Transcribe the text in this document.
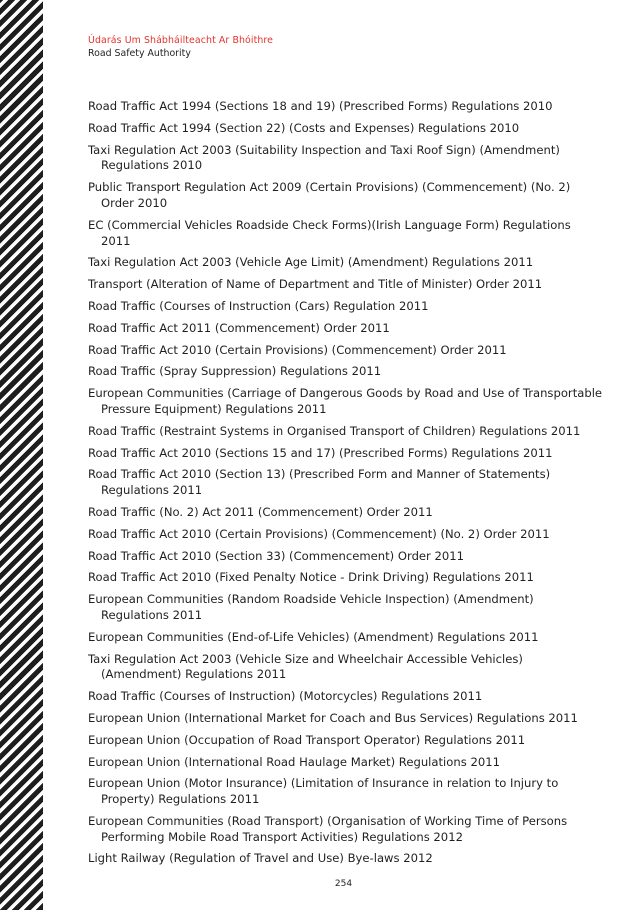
Údarás Um Shábháilteacht Ar Bhóithre
Road Safety Authority
Road Traffic Act 1994 (Sections 18 and 19) (Prescribed Forms) Regulations 2010
Road Traffic Act 1994 (Section 22) (Costs and Expenses) Regulations 2010
Taxi Regulation Act 2003 (Suitability Inspection and Taxi Roof Sign) (Amendment) Regulations 2010
Public Transport Regulation Act 2009 (Certain Provisions) (Commencement) (No. 2) Order 2010
EC (Commercial Vehicles Roadside Check Forms)(Irish Language Form) Regulations 2011
Taxi Regulation Act 2003 (Vehicle Age Limit) (Amendment) Regulations 2011
Transport (Alteration of Name of Department and Title of Minister) Order 2011
Road Traffic (Courses of Instruction (Cars) Regulation 2011
Road Traffic Act 2011 (Commencement) Order 2011
Road Traffic Act 2010 (Certain Provisions) (Commencement) Order 2011
Road Traffic (Spray Suppression) Regulations 2011
European Communities (Carriage of Dangerous Goods by Road and Use of Transportable Pressure Equipment) Regulations 2011
Road Traffic (Restraint Systems in Organised Transport of Children) Regulations 2011
Road Traffic Act 2010 (Sections 15 and 17) (Prescribed Forms) Regulations 2011
Road Traffic Act 2010 (Section 13) (Prescribed Form and Manner of Statements) Regulations 2011
Road Traffic (No. 2) Act 2011 (Commencement) Order 2011
Road Traffic Act 2010 (Certain Provisions) (Commencement) (No. 2) Order 2011
Road Traffic Act 2010 (Section 33) (Commencement) Order 2011
Road Traffic Act 2010 (Fixed Penalty Notice - Drink Driving) Regulations 2011
European Communities (Random Roadside Vehicle Inspection) (Amendment) Regulations 2011
European Communities (End-of-Life Vehicles) (Amendment) Regulations 2011
Taxi Regulation Act 2003 (Vehicle Size and Wheelchair Accessible Vehicles) (Amendment) Regulations 2011
Road Traffic (Courses of Instruction) (Motorcycles) Regulations 2011
European Union (International Market for Coach and Bus Services) Regulations 2011
European Union (Occupation of Road Transport Operator) Regulations 2011
European Union (International Road Haulage Market) Regulations 2011
European Union (Motor Insurance) (Limitation of Insurance in relation to Injury to Property) Regulations 2011
European Communities (Road Transport) (Organisation of Working Time of Persons Performing Mobile Road Transport Activities) Regulations 2012
Light Railway (Regulation of Travel and Use) Bye-laws 2012
254
